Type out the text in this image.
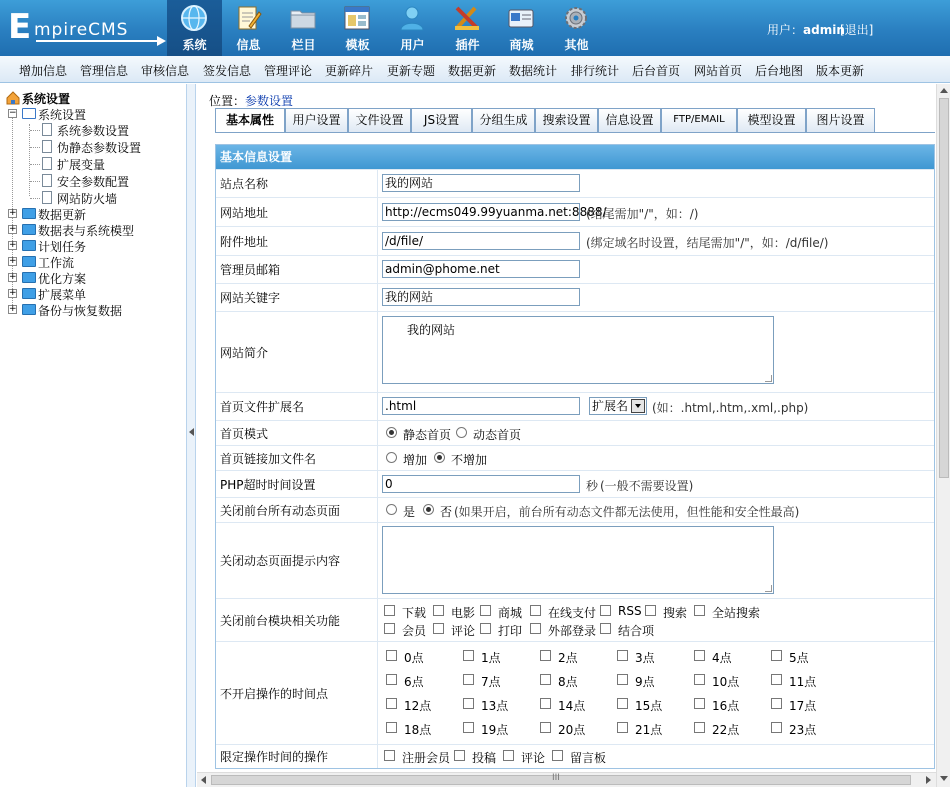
E mpireCMS
系统	信息	栏目	模板	用户	插件	商城	其他
用户：admin
[退出]
增加信息 管理信息 审核信息 签发信息 管理评论 更新碎片 更新专题 数据更新 数据统计 排行统计 后台首页 网站首页 后台地图 版本更新
系统设置
− 系统设置
系统参数设置
伪静态参数设置
扩展变量
安全参数配置
网站防火墙
+ 数据更新
+ 数据表与系统模型
+ 计划任务
+ 工作流
+ 优化方案
+ 扩展菜单
+ 备份与恢复数据
位置：参数设置
基本属性	用户设置	文件设置	JS设置	分组生成	搜索设置	信息设置	FTP/EMAIL	模型设置	图片设置
基本信息设置
站点名称	我的网站
网站地址	http://ecms049.99yuanma.net:8888/
(结尾需加"/"，如：/)
附件地址	/d/file/	(绑定域名时设置，结尾需加"/"，如：/d/file/)
管理员邮箱	admin@phome.net
网站关键字	我的网站
网站简介
我的网站
首页文件扩展名	.html	扩展名	(如：.html,.htm,.xml,.php)
首页模式	静态首页 动态首页
首页链接加文件名	增加 不增加
PHP超时时间设置	0	秒 (一般不需要设置)
关闭前台所有动态页面	是 否 (如果开启，前台所有动态文件都无法使用，但性能和安全性最高)
关闭动态页面提示内容
关闭前台模块相关功能
下载 电影 商城 在线支付 RSS 搜索 全站搜索
会员 评论 打印 外部登录 结合项
不开启操作的时间点
0点	1点	2点	3点	4点	5点
6点	7点	8点	9点	10点	11点
12点	13点	14点	15点	16点	17点
18点	19点	20点	21点	22点	23点
限定操作时间的操作	注册会员 投稿 评论 留言板
III
